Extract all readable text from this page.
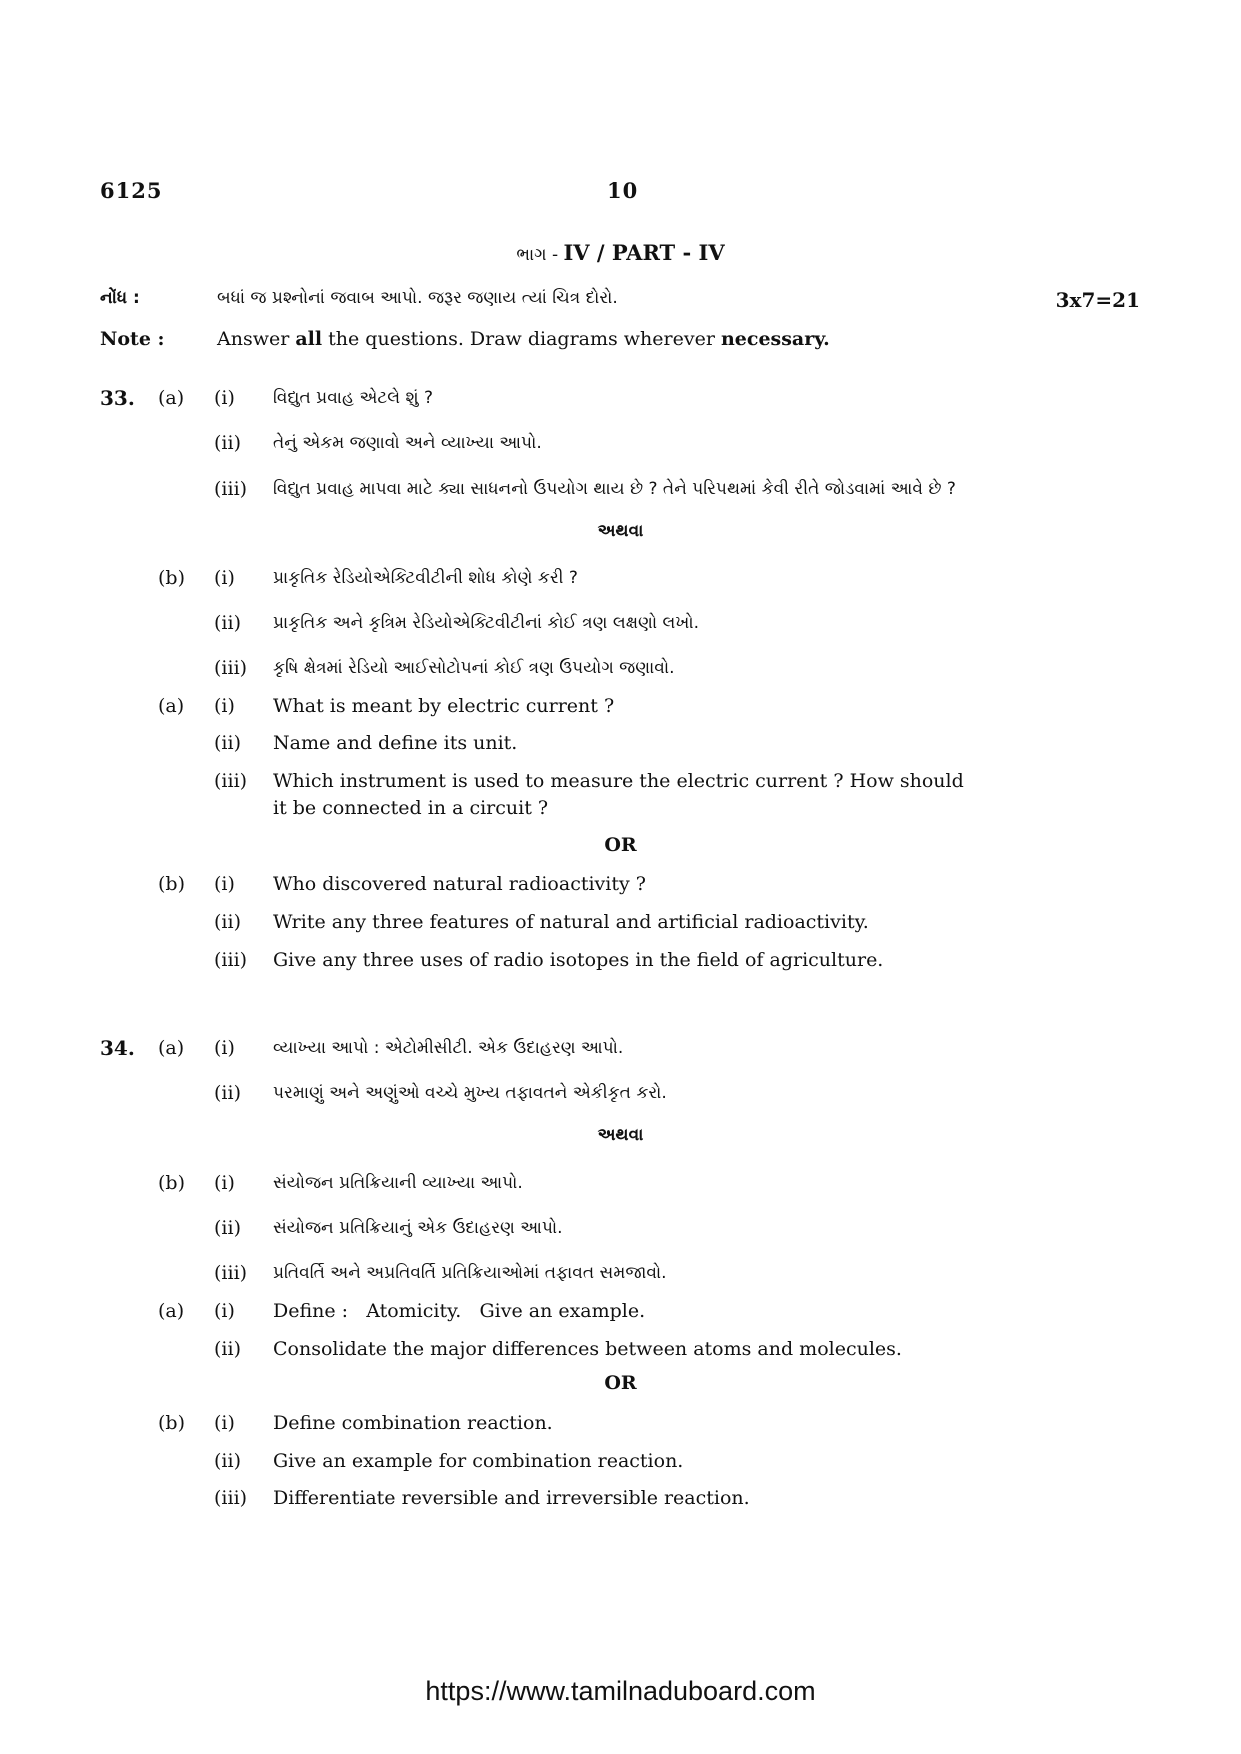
6125	10
ભાગ - IV / PART - IV
નોંધ :	બધાં જ પ્રશ્નોનાં જવાબ આપો. જરૂર જણાય ત્યાં ચિત્ર દોરો.	3x7=21
Note :	Answer all the questions. Draw diagrams wherever necessary.
33. (a) (i) વિદ્યુત પ્રવાહ એટલે શું ?
(ii) તેનું એકમ જણાવો અને વ્યાખ્યા આપો.
(iii) વિદ્યુત પ્રવાહ માપવા માટે ક્યા સાધનનો ઉપયોગ થાય છે ? તેને પરિપથમાં કેવી રીતે જોડવામાં આવે છે ?
અથવા
(b) (i) પ્રાકૃતિક રેડિયોએક્ટિવીટીની શોધ કોણે કરી ?
(ii) પ્રાકૃતિક અને કૃત્રિમ રેડિયોએક્ટિવીટીનાં કોઈ ત્રણ લક્ષણો લખો.
(iii) કૃષિ ક્ષેત્રમાં રેડિયો આઈસોટોપનાં કોઈ ત્રણ ઉપયોગ જણાવો.
(a) (i) What is meant by electric current ?
(ii) Name and define its unit.
(iii) Which instrument is used to measure the electric current ? How should
it be connected in a circuit ?
OR
(b) (i) Who discovered natural radioactivity ?
(ii) Write any three features of natural and artificial radioactivity.
(iii) Give any three uses of radio isotopes in the field of agriculture.
34. (a) (i) વ્યાખ્યા આપો : એટોમીસીટી. એક ઉદાહરણ આપો.
(ii) પરમાણું અને અણુંઓ વચ્ચે મુખ્ય તફાવતને એકીકૃત કરો.
અથવા
(b) (i) સંયોજન પ્રતિક્રિયાની વ્યાખ્યા આપો.
(ii) સંયોજન પ્રતિક્રિયાનું એક ઉદાહરણ આપો.
(iii) પ્રતિવર્તિ અને અપ્રતિવર્તિ પ્રતિક્રિયાઓમાં તફાવત સમજાવો.
(a) (i) Define :   Atomicity.   Give an example.
(ii) Consolidate the major differences between atoms and molecules.
OR
(b) (i) Define combination reaction.
(ii) Give an example for combination reaction.
(iii) Differentiate reversible and irreversible reaction.
https://www.tamilnaduboard.com
